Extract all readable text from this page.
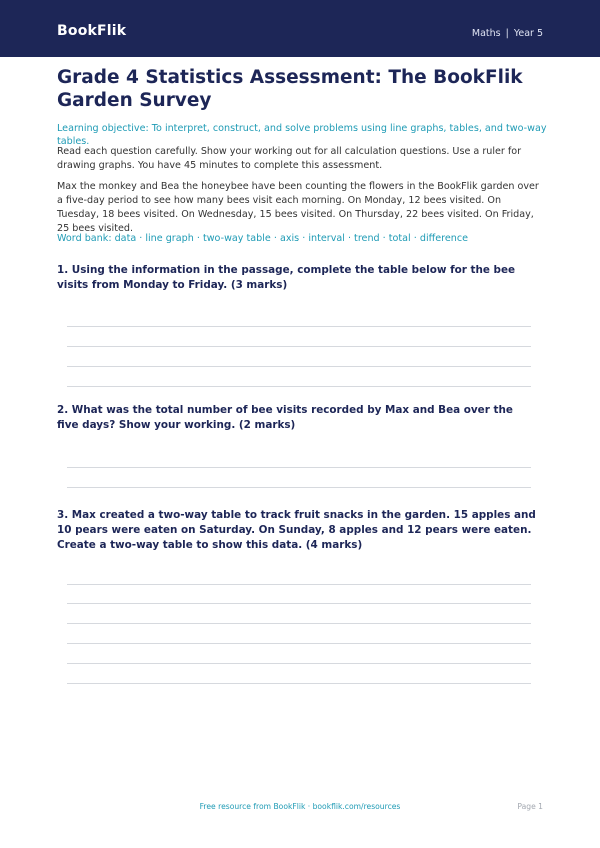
BookFlik	Maths | Year 5
Grade 4 Statistics Assessment: The BookFlik Garden Survey
Learning objective: To interpret, construct, and solve problems using line graphs, tables, and two-way tables.
Read each question carefully. Show your working out for all calculation questions. Use a ruler for drawing graphs. You have 45 minutes to complete this assessment.
Max the monkey and Bea the honeybee have been counting the flowers in the BookFlik garden over a five-day period to see how many bees visit each morning. On Monday, 12 bees visited. On Tuesday, 18 bees visited. On Wednesday, 15 bees visited. On Thursday, 22 bees visited. On Friday, 25 bees visited.
Word bank: data · line graph · two-way table · axis · interval · trend · total · difference
1. Using the information in the passage, complete the table below for the bee visits from Monday to Friday. (3 marks)
2. What was the total number of bee visits recorded by Max and Bea over the five days? Show your working. (2 marks)
3. Max created a two-way table to track fruit snacks in the garden. 15 apples and 10 pears were eaten on Saturday. On Sunday, 8 apples and 12 pears were eaten. Create a two-way table to show this data. (4 marks)
Free resource from BookFlik · bookflik.com/resources	Page 1
